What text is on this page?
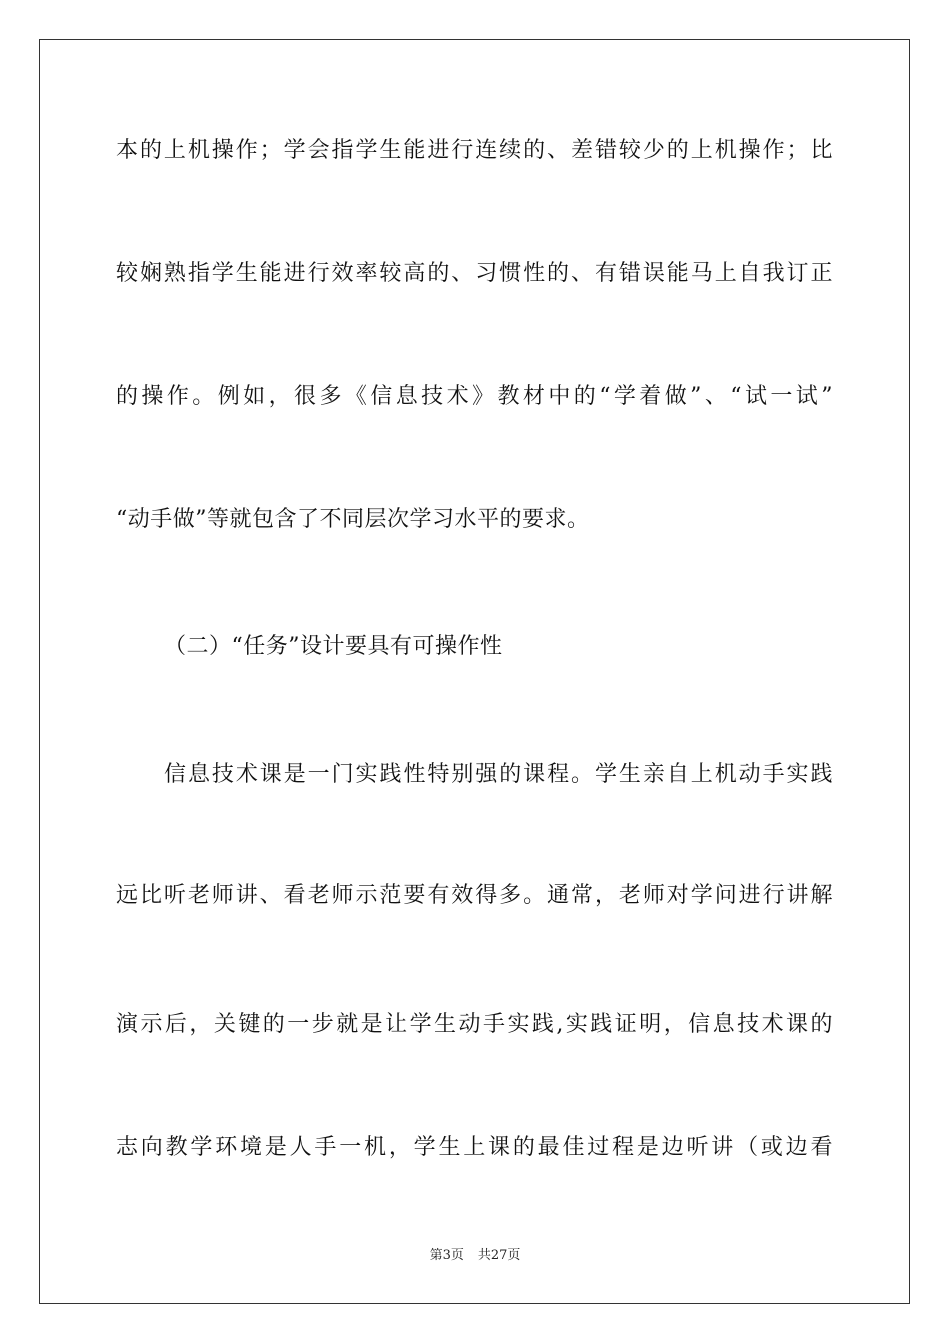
本的上机操作；学会指学生能进行连续的、差错较少的上机操作；比
较娴熟指学生能进行效率较高的、习惯性的、有错误能马上自我订正
的操作。例如，很多《信息技术》教材中的“学着做”、“试一试”
“动手做”等就包含了不同层次学习水平的要求。
（二）“任务”设计要具有可操作性
信息技术课是一门实践性特别强的课程。学生亲自上机动手实践
远比听老师讲、看老师示范要有效得多。通常，老师对学问进行讲解
演示后，关键的一步就是让学生动手实践,实践证明，信息技术课的
志向教学环境是人手一机，学生上课的最佳过程是边听讲（或边看
第3页 共27页
